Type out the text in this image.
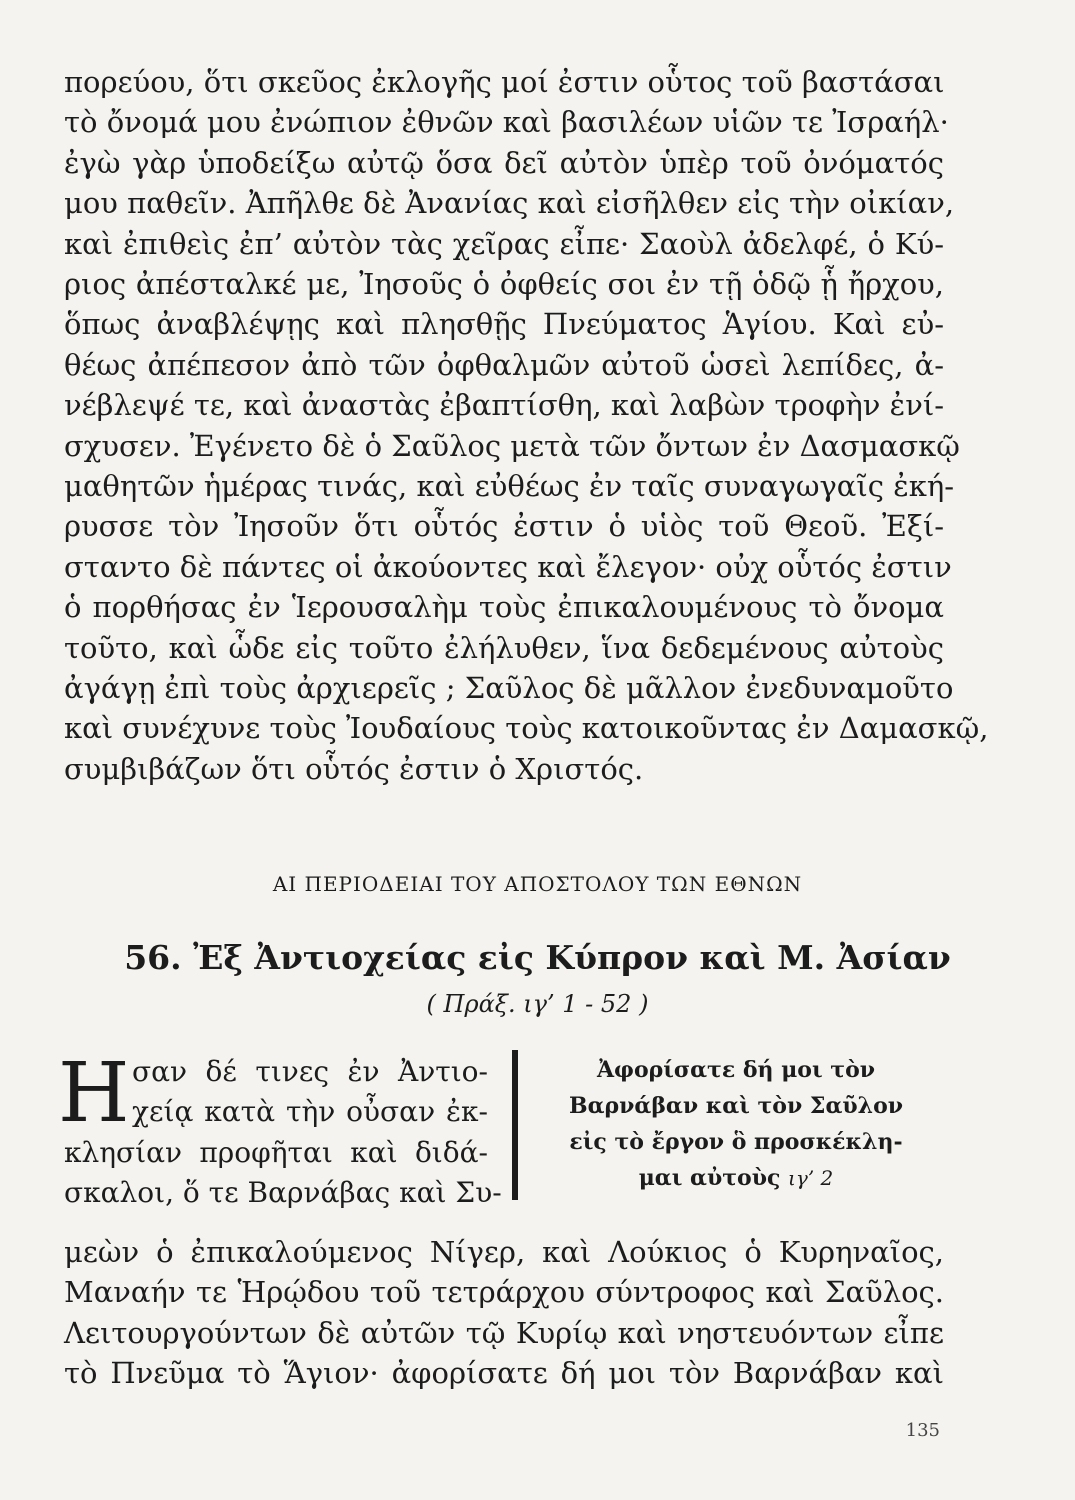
πορεύου, ὅτι σκεῦος ἐκλογῆς μοί ἐστιν οὗτος τοῦ βαστάσαι
τὸ ὄνομά μου ἐνώπιον ἐθνῶν καὶ βασιλέων υἱῶν τε Ἰσραήλ·
ἐγὼ γὰρ ὑποδείξω αὐτῷ ὅσα δεῖ αὐτὸν ὑπὲρ τοῦ ὀνόματός
μου παθεῖν. Ἀπῆλθε δὲ Ἀνανίας καὶ εἰσῆλθεν εἰς τὴν οἰκίαν,
καὶ ἐπιθεὶς ἐπ’ αὐτὸν τὰς χεῖρας εἶπε· Σαοὺλ ἀδελφέ, ὁ Κύ-
ριος ἀπέσταλκέ με, Ἰησοῦς ὁ ὀφθείς σοι ἐν τῇ ὁδῷ ᾗ ἤρχου,
ὅπως ἀναβλέψῃς καὶ πλησθῇς Πνεύματος Ἁγίου. Καὶ εὐ-
θέως ἀπέπεσον ἀπὸ τῶν ὀφθαλμῶν αὐτοῦ ὡσεὶ λεπίδες, ἀ-
νέβλεψέ τε, καὶ ἀναστὰς ἐβαπτίσθη, καὶ λαβὼν τροφὴν ἐνί-
σχυσεν. Ἐγένετο δὲ ὁ Σαῦλος μετὰ τῶν ὄντων ἐν Δασμασκῷ
μαθητῶν ἡμέρας τινάς, καὶ εὐθέως ἐν ταῖς συναγωγαῖς ἐκή-
ρυσσε τὸν Ἰησοῦν ὅτι οὗτός ἐστιν ὁ υἱὸς τοῦ Θεοῦ. Ἐξί-
σταντο δὲ πάντες οἱ ἀκούοντες καὶ ἔλεγον· οὐχ οὗτός ἐστιν
ὁ πορθήσας ἐν Ἱερουσαλὴμ τοὺς ἐπικαλουμένους τὸ ὄνομα
τοῦτο, καὶ ὧδε εἰς τοῦτο ἐλήλυθεν, ἵνα δεδεμένους αὐτοὺς
ἀγάγῃ ἐπὶ τοὺς ἀρχιερεῖς ; Σαῦλος δὲ μᾶλλον ἐνεδυναμοῦτο
καὶ συνέχυνε τοὺς Ἰουδαίους τοὺς κατοικοῦντας ἐν Δαμασκῷ,
συμβιβάζων ὅτι οὗτός ἐστιν ὁ Χριστός.
ΑΙ ΠΕΡΙΟΔΕΙΑΙ ΤΟΥ ΑΠΟΣΤΟΛΟΥ ΤΩΝ ΕΘΝΩΝ
56. Ἐξ Ἀντιοχείας εἰς Κύπρον καὶ Μ. Ἀσίαν
( Πράξ. ιγ’ 1 - 52 )
Η σαν δέ τινες ἐν Ἀντιο-
χείᾳ κατὰ τὴν οὖσαν ἐκ-
κλησίαν προφῆται καὶ διδά-
σκαλοι, ὅ τε Βαρνάβας καὶ Συ-
Ἀφορίσατε δή μοι τὸν
Βαρνάβαν καὶ τὸν Σαῦλον
εἰς τὸ ἔργον ὃ προσκέκλη-
μαι αὐτοὺς ιγ’ 2
μεὼν ὁ ἐπικαλούμενος Νίγερ, καὶ Λούκιος ὁ Κυρηναῖος,
Μαναήν τε Ἡρῴδου τοῦ τετράρχου σύντροφος καὶ Σαῦλος.
Λειτουργούντων δὲ αὐτῶν τῷ Κυρίῳ καὶ νηστευόντων εἶπε
τὸ Πνεῦμα τὸ Ἅγιον· ἀφορίσατε δή μοι τὸν Βαρνάβαν καὶ
135
